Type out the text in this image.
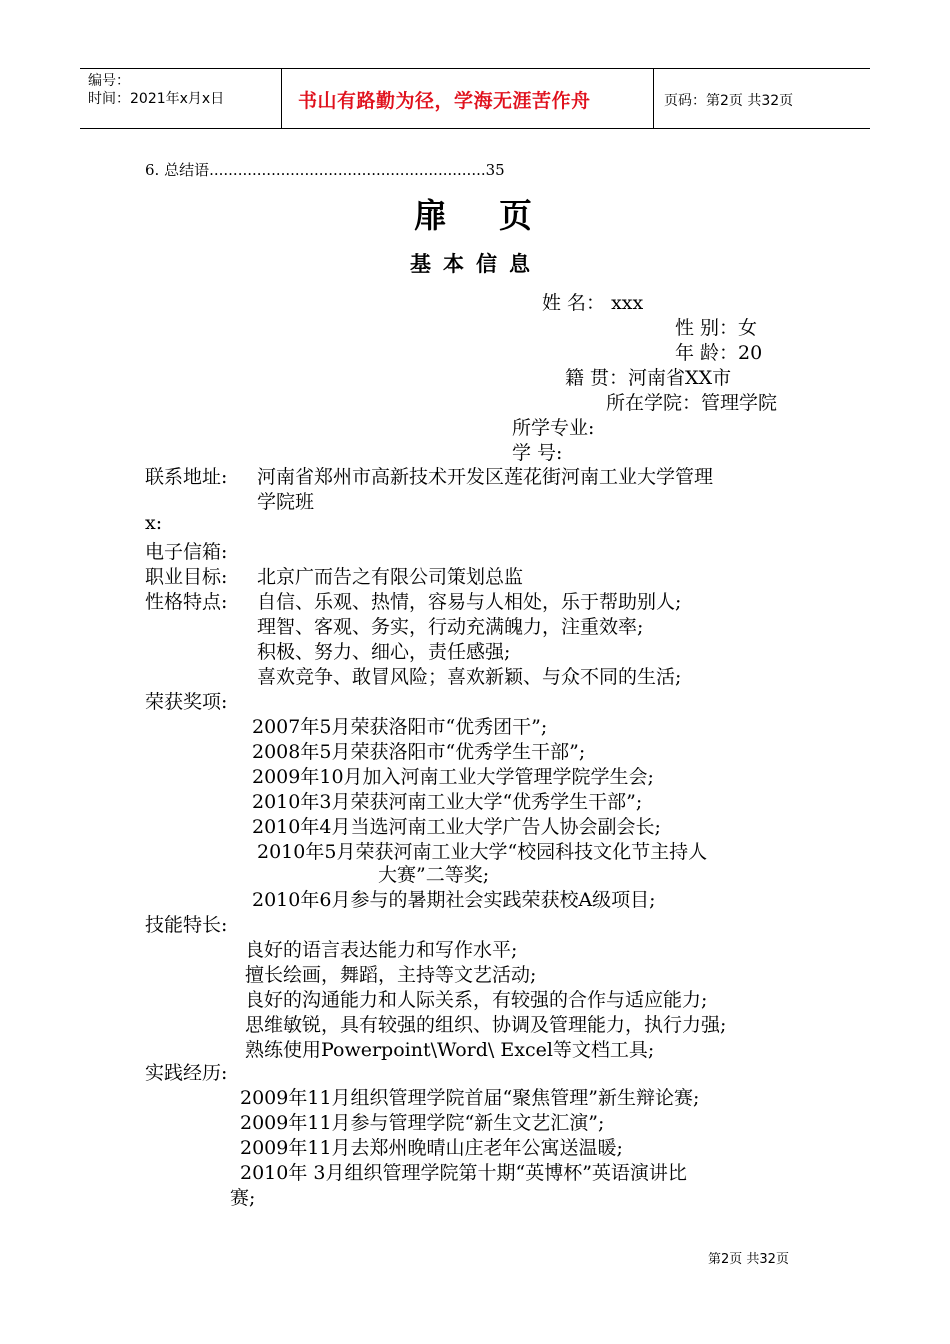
编号：
时间：2021年x月x日	书山有路勤为径，学海无涯苦作舟	页码：第2页 共32页
6. 总结语..........................................................35
扉页
基本信息
姓 名： xxx
性 别：女
年 龄：20
籍 贯：河南省XX市
所在学院：管理学院
所学专业:
学 号:
联系地址: 河南省郑州市高新技术开发区莲花街河南工业大学管理
学院班
x:
电子信箱:
职业目标: 北京广而告之有限公司策划总监
性格特点: 自信、乐观、热情，容易与人相处，乐于帮助别人;
理智、客观、务实，行动充满魄力，注重效率;
积极、努力、细心，责任感强;
喜欢竞争、敢冒风险；喜欢新颖、与众不同的生活;
荣获奖项:
2007年5月荣获洛阳市“优秀团干”;
2008年5月荣获洛阳市“优秀学生干部”;
2009年10月加入河南工业大学管理学院学生会;
2010年3月荣获河南工业大学“优秀学生干部”;
2010年4月当选河南工业大学广告人协会副会长;
2010年5月荣获河南工业大学“校园科技文化节主持人
大赛”二等奖;
2010年6月参与的暑期社会实践荣获校A级项目;
技能特长:
良好的语言表达能力和写作水平;
擅长绘画，舞蹈，主持等文艺活动;
良好的沟通能力和人际关系，有较强的合作与适应能力;
思维敏锐，具有较强的组织、协调及管理能力，执行力强;
熟练使用Powerpoint\Word\ Excel等文档工具;
实践经历:
2009年11月组织管理学院首届“聚焦管理”新生辩论赛;
2009年11月参与管理学院“新生文艺汇演”;
2009年11月去郑州晚晴山庄老年公寓送温暖;
2010年 3月组织管理学院第十期“英博杯”英语演讲比
赛;
第2页 共32页
